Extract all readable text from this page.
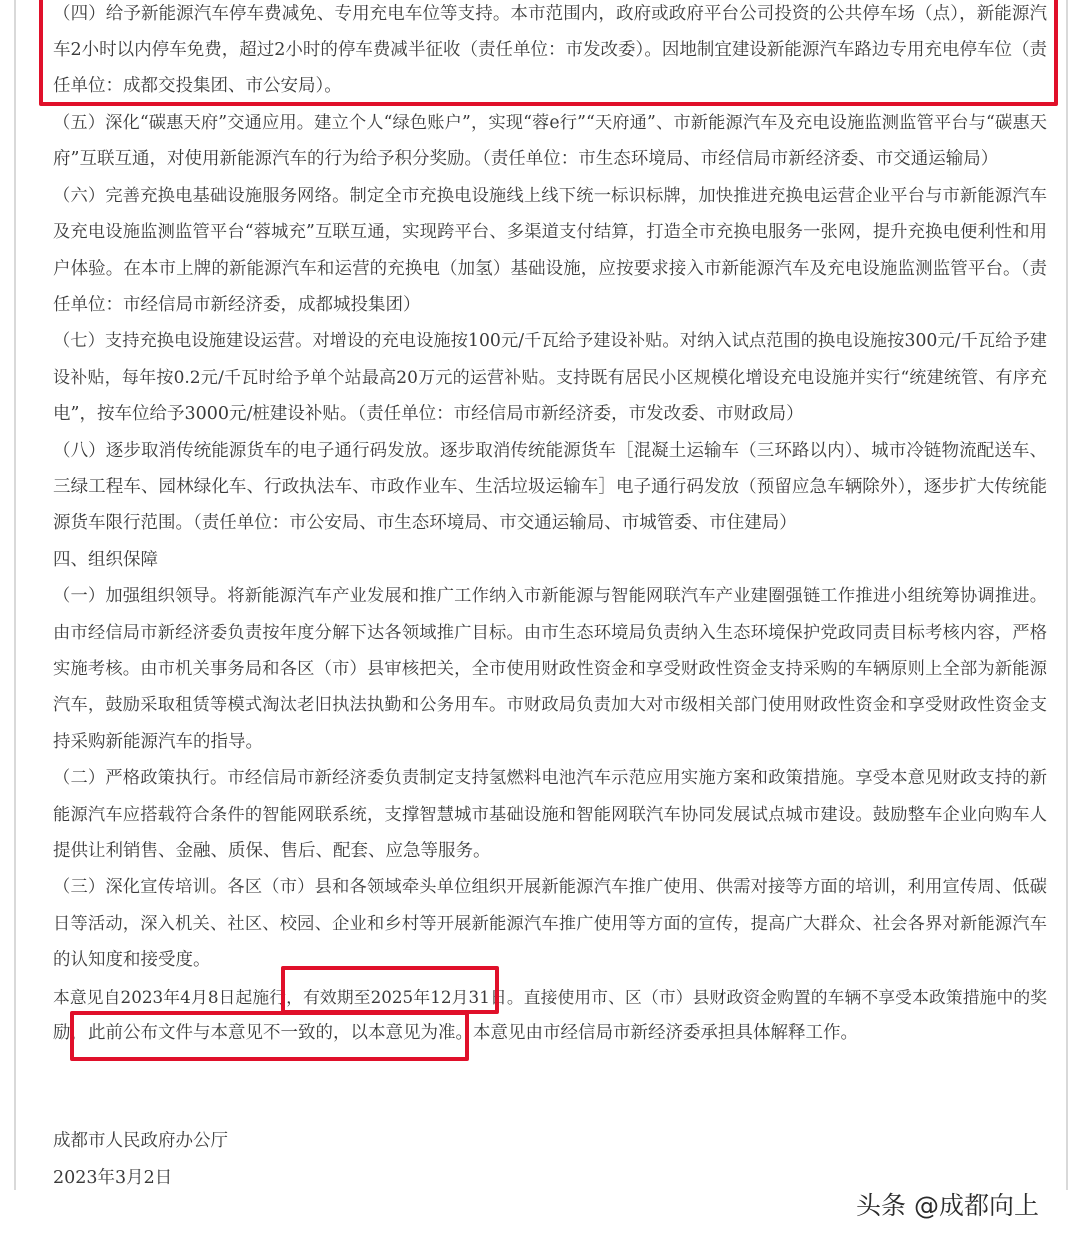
（四）给予新能源汽车停车费减免、专用充电车位等支持。本市范围内，政府或政府平台公司投资的公共停车场（点），新能源汽

车2小时以内停车免费，超过2小时的停车费减半征收（责任单位：市发改委）。因地制宜建设新能源汽车路边专用充电停车位（责

任单位：成都交投集团、市公安局）。

（五）深化“碳惠天府”交通应用。建立个人“绿色账户”，实现“蓉e行”“天府通”、市新能源汽车及充电设施监测监管平台与“碳惠天

府”互联互通，对使用新能源汽车的行为给予积分奖励。（责任单位：市生态环境局、市经信局市新经济委、市交通运输局）

（六）完善充换电基础设施服务网络。制定全市充换电设施线上线下统一标识标牌，加快推进充换电运营企业平台与市新能源汽车

及充电设施监测监管平台“蓉城充”互联互通，实现跨平台、多渠道支付结算，打造全市充换电服务一张网，提升充换电便利性和用

户体验。在本市上牌的新能源汽车和运营的充换电（加氢）基础设施，应按要求接入市新能源汽车及充电设施监测监管平台。（责

任单位：市经信局市新经济委，成都城投集团）

（七）支持充换电设施建设运营。对增设的充电设施按100元/千瓦给予建设补贴。对纳入试点范围的换电设施按300元/千瓦给予建

设补贴，每年按0.2元/千瓦时给予单个站最高20万元的运营补贴。支持既有居民小区规模化增设充电设施并实行“统建统管、有序充

电”，按车位给予3000元/桩建设补贴。（责任单位：市经信局市新经济委，市发改委、市财政局）

（八）逐步取消传统能源货车的电子通行码发放。逐步取消传统能源货车［混凝土运输车（三环路以内）、城市冷链物流配送车、

三绿工程车、园林绿化车、行政执法车、市政作业车、生活垃圾运输车］电子通行码发放（预留应急车辆除外），逐步扩大传统能

源货车限行范围。（责任单位：市公安局、市生态环境局、市交通运输局、市城管委、市住建局）

四、组织保障

（一）加强组织领导。将新能源汽车产业发展和推广工作纳入市新能源与智能网联汽车产业建圈强链工作推进小组统筹协调推进。

由市经信局市新经济委负责按年度分解下达各领域推广目标。由市生态环境局负责纳入生态环境保护党政同责目标考核内容，严格

实施考核。由市机关事务局和各区（市）县审核把关，全市使用财政性资金和享受财政性资金支持采购的车辆原则上全部为新能源

汽车，鼓励采取租赁等模式淘汰老旧执法执勤和公务用车。市财政局负责加大对市级相关部门使用财政性资金和享受财政性资金支

持采购新能源汽车的指导。

（二）严格政策执行。市经信局市新经济委负责制定支持氢燃料电池汽车示范应用实施方案和政策措施。享受本意见财政支持的新

能源汽车应搭载符合条件的智能网联系统，支撑智慧城市基础设施和智能网联汽车协同发展试点城市建设。鼓励整车企业向购车人

提供让利销售、金融、质保、售后、配套、应急等服务。

（三）深化宣传培训。各区（市）县和各领域牵头单位组织开展新能源汽车推广使用、供需对接等方面的培训，利用宣传周、低碳

日等活动，深入机关、社区、校园、企业和乡村等开展新能源汽车推广使用等方面的宣传，提高广大群众、社会各界对新能源汽车

的认知度和接受度。

本意见自2023年4月8日起施行，有效期至2025年12月31日。直接使用市、区（市）县财政资金购置的车辆不享受本政策措施中的奖

励，此前公布文件与本意见不一致的，以本意见为准。本意见由市经信局市新经济委承担具体解释工作。

成都市人民政府办公厅

2023年3月2日

头条 @成都向上
